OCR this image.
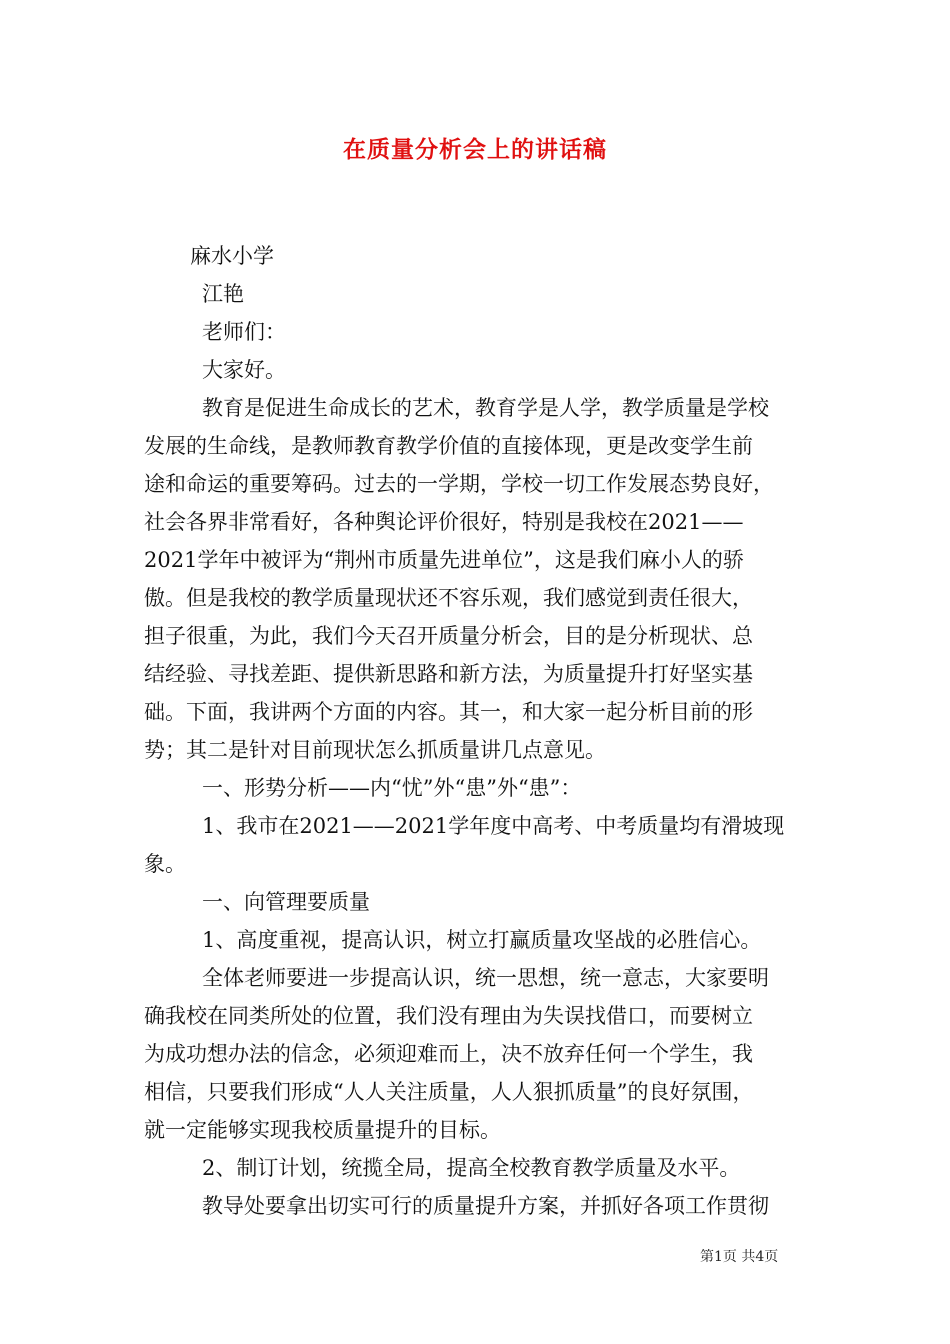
在质量分析会上的讲话稿
麻水小学
江艳
老师们：
大家好。
教育是促进生命成长的艺术，教育学是人学，教学质量是学校
发展的生命线，是教师教育教学价值的直接体现，更是改变学生前
途和命运的重要筹码。过去的一学期，学校一切工作发展态势良好，
社会各界非常看好，各种舆论评价很好，特别是我校在2021——
2021学年中被评为“荆州市质量先进单位”，这是我们麻小人的骄
傲。但是我校的教学质量现状还不容乐观，我们感觉到责任很大，
担子很重，为此，我们今天召开质量分析会，目的是分析现状、总
结经验、寻找差距、提供新思路和新方法，为质量提升打好坚实基
础。下面，我讲两个方面的内容。其一，和大家一起分析目前的形
势；其二是针对目前现状怎么抓质量讲几点意见。
一、形势分析——内“忧”外“患”外“患”：
1、我市在2021——2021学年度中高考、中考质量均有滑坡现
象。
一、向管理要质量
1、高度重视，提高认识，树立打赢质量攻坚战的必胜信心。
全体老师要进一步提高认识，统一思想，统一意志，大家要明
确我校在同类所处的位置，我们没有理由为失误找借口，而要树立
为成功想办法的信念，必须迎难而上，决不放弃任何一个学生，我
相信，只要我们形成“人人关注质量，人人狠抓质量”的良好氛围，
就一定能够实现我校质量提升的目标。
2、制订计划，统揽全局，提高全校教育教学质量及水平。
教导处要拿出切实可行的质量提升方案，并抓好各项工作贯彻
第1页 共4页
